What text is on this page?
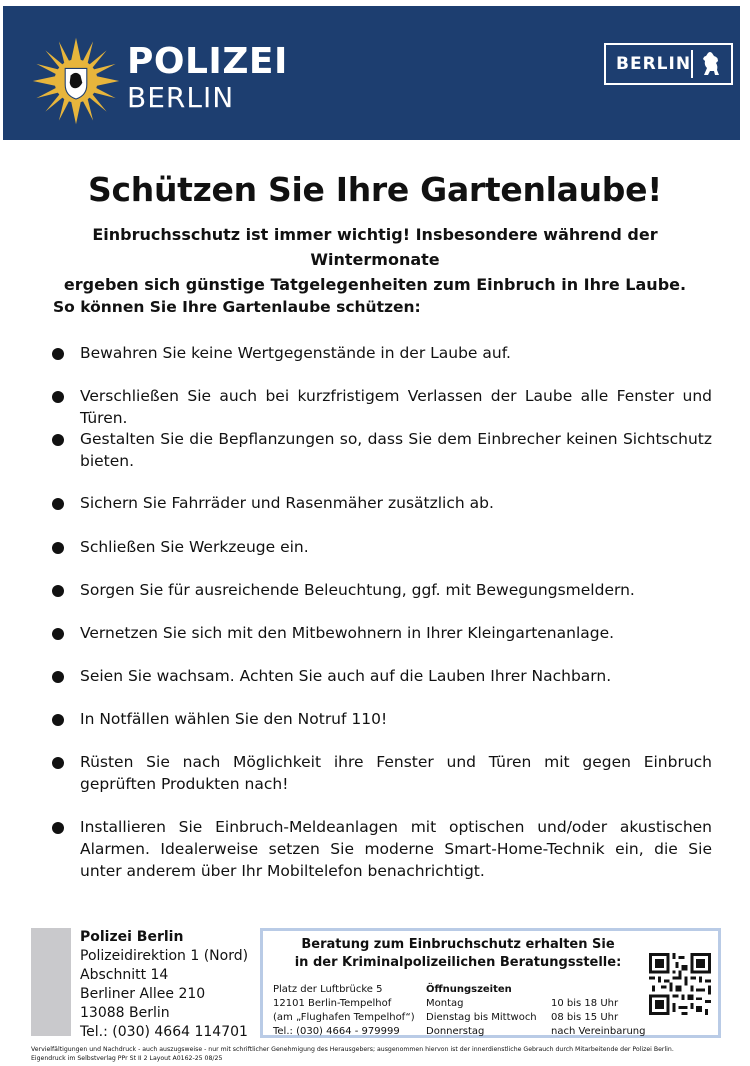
POLIZEI
BERLIN
BERLIN
Schützen Sie Ihre Gartenlaube!
Einbruchsschutz ist immer wichtig! Insbesondere während der Wintermonate
ergeben sich günstige Tatgelegenheiten zum Einbruch in Ihre Laube.
So können Sie Ihre Gartenlaube schützen:
Bewahren Sie keine Wertgegenstände in der Laube auf.
Verschließen Sie auch bei kurzfristigem Verlassen der Laube alle Fenster und Türen.
Gestalten Sie die Bepflanzungen so, dass Sie dem Einbrecher keinen Sichtschutz bieten.
Sichern Sie Fahrräder und Rasenmäher zusätzlich ab.
Schließen Sie Werkzeuge ein.
Sorgen Sie für ausreichende Beleuchtung, ggf. mit Bewegungsmeldern.
Vernetzen Sie sich mit den Mitbewohnern in Ihrer Kleingartenanlage.
Seien Sie wachsam. Achten Sie auch auf die Lauben Ihrer Nachbarn.
In Notfällen wählen Sie den Notruf 110!
Rüsten Sie nach Möglichkeit ihre Fenster und Türen mit gegen Einbruch geprüften Produkten nach!
Installieren Sie Einbruch-Meldeanlagen mit optischen und/oder akustischen Alarmen. Idealerweise setzen Sie moderne Smart-Home-Technik ein, die Sie unter anderem über Ihr Mobiltelefon benachrichtigt.
Polizei Berlin
Polizeidirektion 1 (Nord)
Abschnitt 14
Berliner Allee 210
13088 Berlin
Tel.: (030) 4664 114701
Beratung zum Einbruchschutz erhalten Sie
in der Kriminalpolizeilichen Beratungsstelle:
Platz der Luftbrücke 5
12101 Berlin-Tempelhof
(am „Flughafen Tempelhof“)
Tel.: (030) 4664 - 979999
Öffnungszeiten
Montag
Dienstag bis Mittwoch
Donnerstag
10 bis 18 Uhr
08 bis 15 Uhr
nach Vereinbarung
Vervielfältigungen und Nachdruck - auch auszugsweise - nur mit schriftlicher Genehmigung des Herausgebers; ausgenommen hiervon ist der innerdienstliche Gebrauch durch Mitarbeitende der Polizei Berlin.
Eigendruck im Selbstverlag PPr St II 2 Layout A0162-25 08/25
